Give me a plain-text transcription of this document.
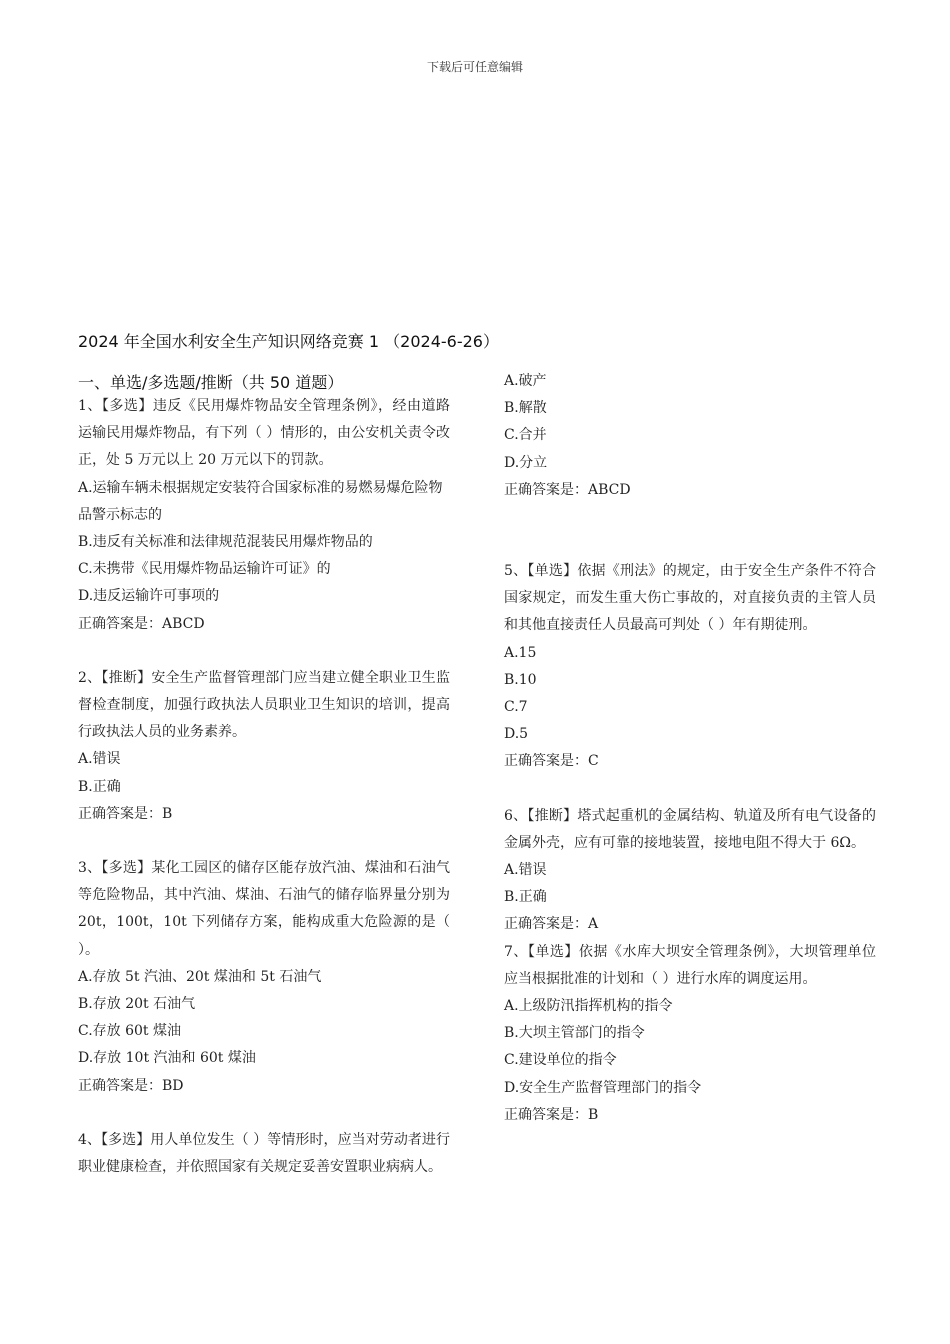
下载后可任意编辑
2024 年全国水利安全生产知识网络竞赛 1 （2024-6-26）
一、单选/多选题/推断（共 50 道题）

1、【多选】违反《民用爆炸物品安全管理条例》，经由道路运输民用爆炸物品，有下列（ ）情形的，由公安机关责令改正，处 5 万元以上 20 万元以下的罚款。

A.运输车辆未根据规定安装符合国家标准的易燃易爆危险物品警示标志的

B.违反有关标准和法律规范混装民用爆炸物品的

C.未携带《民用爆炸物品运输许可证》的

D.违反运输许可事项的

正确答案是：ABCD

2、【推断】安全生产监督管理部门应当建立健全职业卫生监督检查制度，加强行政执法人员职业卫生知识的培训，提高行政执法人员的业务素养。

A.错误

B.正确

正确答案是：B

3、【多选】某化工园区的储存区能存放汽油、煤油和石油气等危险物品，其中汽油、煤油、石油气的储存临界量分别为 20t，100t，10t 下列储存方案，能构成重大危险源的是（ ）。

A.存放 5t 汽油、20t 煤油和 5t 石油气

B.存放 20t 石油气

C.存放 60t 煤油

D.存放 10t 汽油和 60t 煤油

正确答案是：BD

4、【多选】用人单位发生（ ）等情形时，应当对劳动者进行职业健康检查，并依照国家有关规定妥善安置职业病病人。

A.破产

B.解散

C.合并

D.分立

正确答案是：ABCD

5、【单选】依据《刑法》的规定，由于安全生产条件不符合国家规定，而发生重大伤亡事故的，对直接负责的主管人员和其他直接责任人员最高可判处（ ）年有期徒刑。

A.15

B.10

C.7

D.5

正确答案是：C

6、【推断】塔式起重机的金属结构、轨道及所有电气设备的金属外壳，应有可靠的接地装置，接地电阻不得大于 6Ω。

A.错误

B.正确

正确答案是：A

7、【单选】依据《水库大坝安全管理条例》，大坝管理单位应当根据批准的计划和（ ）进行水库的调度运用。

A.上级防汛指挥机构的指令

B.大坝主管部门的指令

C.建设单位的指令

D.安全生产监督管理部门的指令

正确答案是：B
